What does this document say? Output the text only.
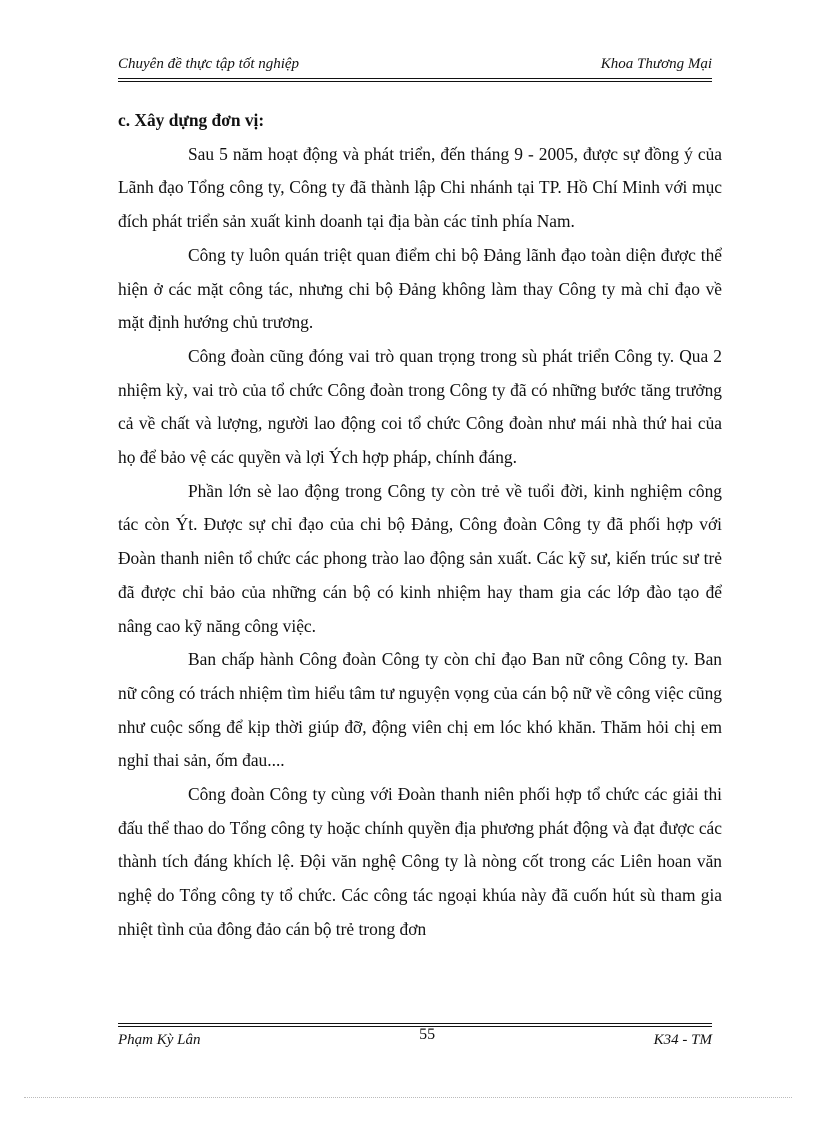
Chuyên đề thực tập tốt nghiệp	Khoa Thương Mại
c. Xây dựng đơn vị:

Sau 5 năm hoạt động và phát triển, đến tháng 9 - 2005, được sự đồng ý của Lãnh đạo Tổng công ty, Công ty đã thành lập Chi nhánh tại TP. Hồ Chí Minh với mục đích phát triển sản xuất kinh doanh tại địa bàn các tỉnh phía Nam.

Công ty luôn quán triệt quan điểm chi bộ Đảng lãnh đạo toàn diện được thể hiện ở các mặt công tác, nhưng chi bộ Đảng không làm thay Công ty mà chỉ đạo về mặt định hướng chủ trương.

Công đoàn cũng đóng vai trò quan trọng trong sù phát triển Công ty. Qua 2 nhiệm kỳ, vai trò của tổ chức Công đoàn trong Công ty đã có những bước tăng trưởng cả về chất và lượng, người lao động coi tổ chức Công đoàn như mái nhà thứ hai của họ để bảo vệ các quyền và lợi Ých hợp pháp, chính đáng.

Phần lớn sè lao động trong Công ty còn trẻ về tuổi đời, kinh nghiệm công tác còn Ýt. Được sự chỉ đạo của chi bộ Đảng, Công đoàn Công ty đã phối hợp với Đoàn thanh niên tổ chức các phong trào lao động sản xuất. Các kỹ sư, kiến trúc sư trẻ đã được chỉ bảo của những cán bộ có kinh nhiệm hay tham gia các lớp đào tạo để nâng cao kỹ năng công việc.

Ban chấp hành Công đoàn Công ty còn chỉ đạo Ban nữ công Công ty. Ban nữ công có trách nhiệm tìm hiểu tâm tư nguyện vọng của cán bộ nữ về công việc cũng như cuộc sống để kịp thời giúp đỡ, động viên chị em lóc khó khăn. Thăm hỏi chị em nghỉ thai sản, ốm đau....

Công đoàn Công ty cùng với Đoàn thanh niên phối hợp tổ chức các giải thi đấu thể thao do Tổng công ty hoặc chính quyền địa phương phát động và đạt được các thành tích đáng khích lệ. Đội văn nghệ Công ty là nòng cốt trong các Liên hoan văn nghệ do Tổng công ty tổ chức. Các công tác ngoại khúa này đã cuốn hút sù tham gia nhiệt tình của đông đảo cán bộ trẻ trong đơn

Phạm Kỳ Lân	55	K34 - TM
